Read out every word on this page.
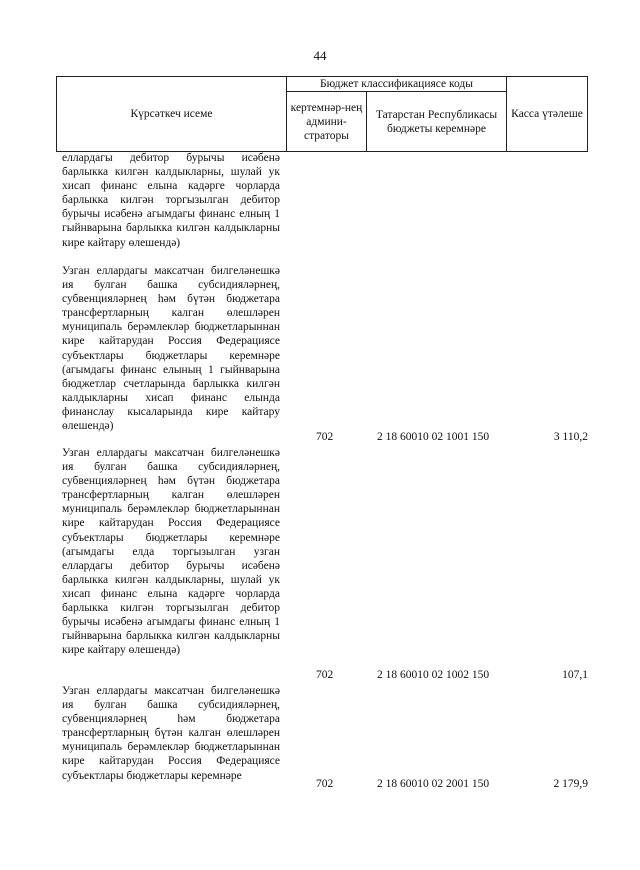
44
Күрсәткеч исеме	Бюджет классификациясе коды		Касса үтәлеше
	кертемнәр-нең админи-страторы	Татарстан Республикасы бюджеты керемнәре	
еллардагы дебитор бурычы исәбенә барлыкка килгән калдыкларны, шулай ук хисап финанс елына кадәрге чорларда барлыкка килгән торгызылган дебитор бурычы исәбенә агымдагы финанс елның 1 гыйнварына барлыкка килгән калдыкларны кире кайтару өлешендә)
Узган еллардагы максатчан билгеләнешкә ия булган башка субсидияләрнең, субвенцияләрнең һәм бүтән бюджетара трансфертларның калган өлешләрен муниципаль берәмлекләр бюджетларыннан кире кайтарудан Россия Федерациясе субъектлары бюджетлары керемнәре (агымдагы финанс елының 1 гыйнварына бюджетлар счетларында барлыкка килгән калдыкларны хисап финанс елында финанслау кысаларында кире кайтару өлешендә)
702	2 18 60010 02 1001 150	3 110,2
Узган еллардагы максатчан билгеләнешкә ия булган башка субсидияләрнең, субвенцияләрнең һәм бүтән бюджетара трансфертларның калган өлешләрен муниципаль берәмлекләр бюджетларыннан кире кайтарудан Россия Федерациясе субъектлары бюджетлары керемнәре (агымдагы елда торгызылган узган еллардагы дебитор бурычы исәбенә барлыкка килгән калдыкларны, шулай ук хисап финанс елына кадәрге чорларда барлыкка килгән торгызылган дебитор бурычы исәбенә агымдагы финанс елның 1 гыйнварына барлыкка килгән калдыкларны кире кайтару өлешендә)
702	2 18 60010 02 1002 150	107,1
Узган еллардагы максатчан билгеләнешкә ия булган башка субсидияләрнең, субвенцияләрнең һәм бюджетара трансфертларның бүтән калган өлешләрен муниципаль берәмлекләр бюджетларыннан кире кайтарудан Россия Федерациясе субъектлары бюджетлары керемнәре
702	2 18 60010 02 2001 150	2 179,9
